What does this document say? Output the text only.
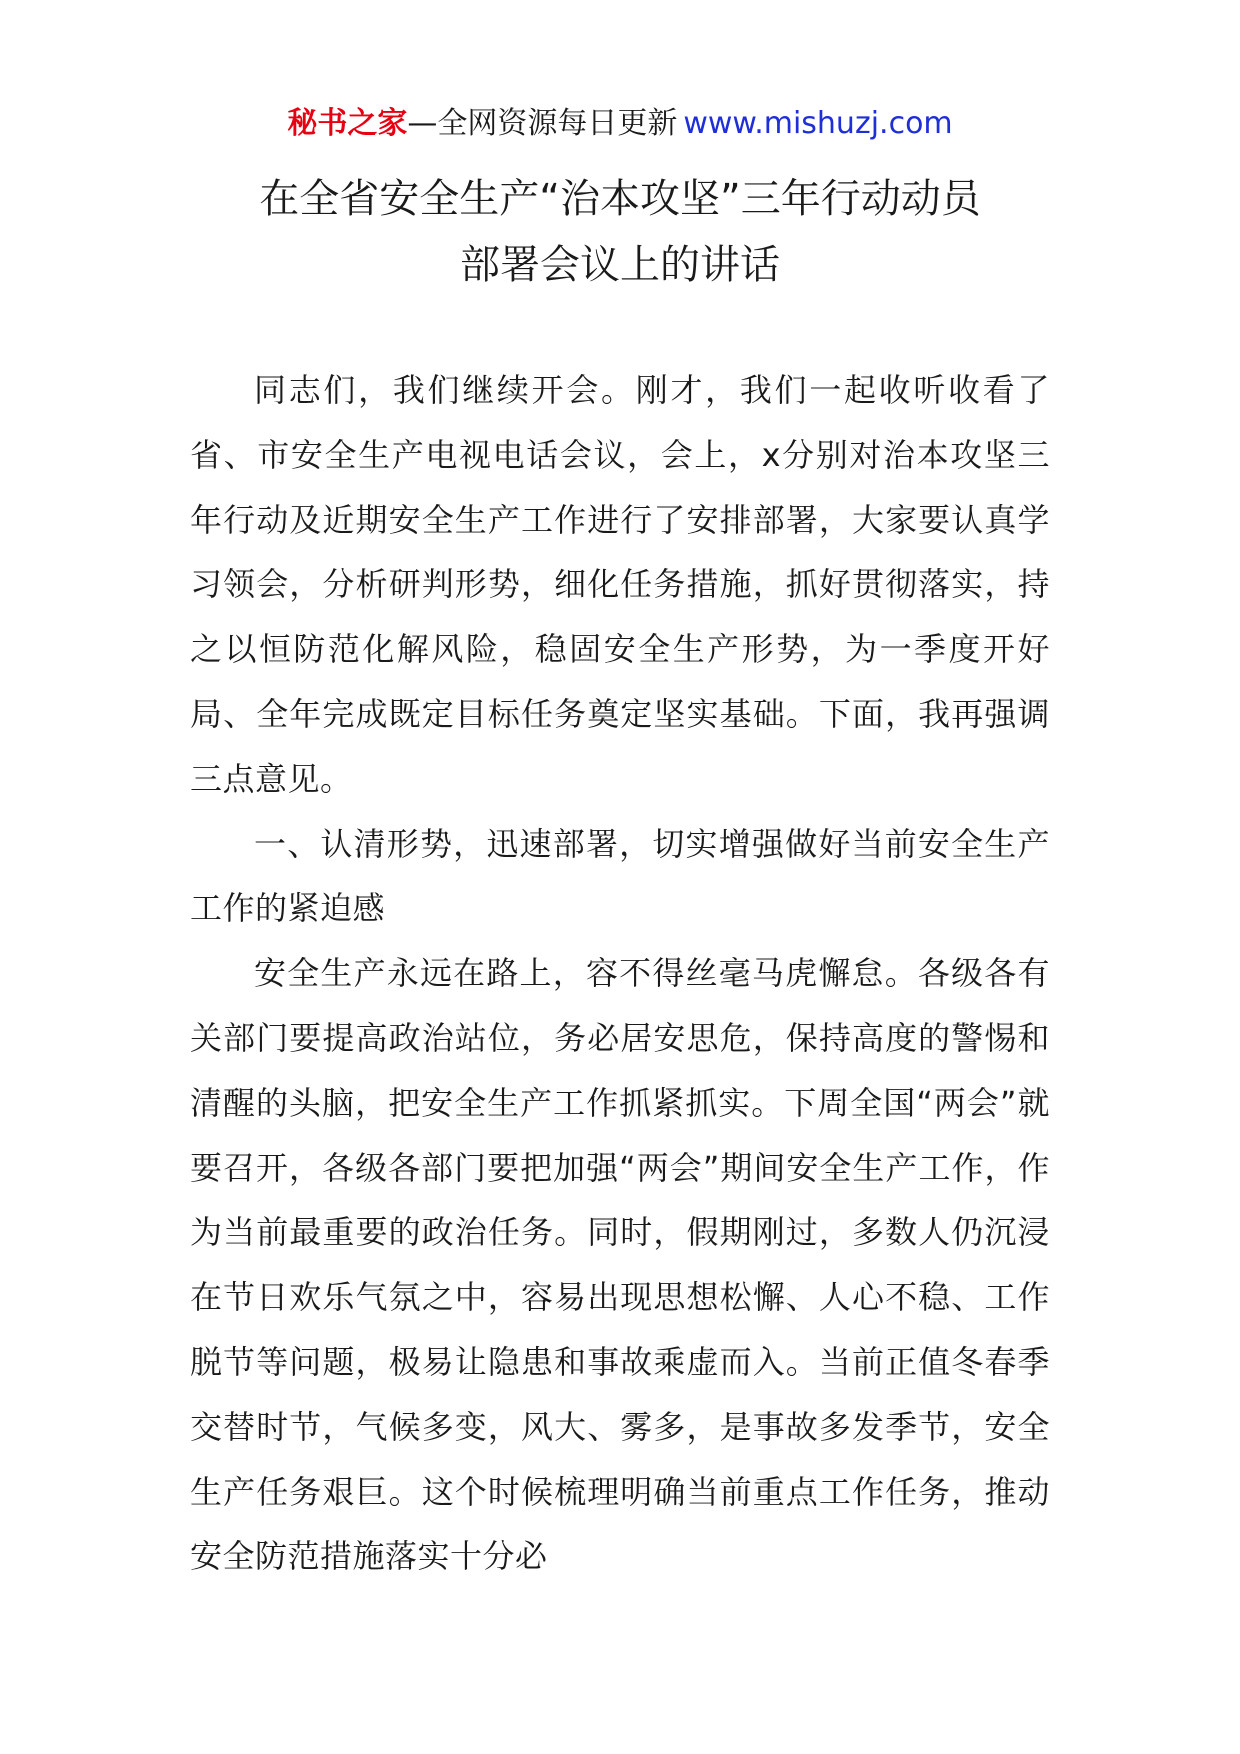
秘书之家—全网资源每日更新 www.mishuzj.com
在全省安全生产“治本攻坚”三年行动动员
部署会议上的讲话

同志们，我们继续开会。刚才，我们一起收听收看了省、市安全生产电视电话会议，会上，x分别对治本攻坚三年行动及近期安全生产工作进行了安排部署，大家要认真学习领会，分析研判形势，细化任务措施，抓好贯彻落实，持之以恒防范化解风险，稳固安全生产形势，为一季度开好局、全年完成既定目标任务奠定坚实基础。下面，我再强调三点意见。

一、认清形势，迅速部署，切实增强做好当前安全生产工作的紧迫感

安全生产永远在路上，容不得丝毫马虎懈怠。各级各有关部门要提高政治站位，务必居安思危，保持高度的警惕和清醒的头脑，把安全生产工作抓紧抓实。下周全国“两会”就要召开，各级各部门要把加强“两会”期间安全生产工作，作为当前最重要的政治任务。同时，假期刚过，多数人仍沉浸在节日欢乐气氛之中，容易出现思想松懈、人心不稳、工作脱节等问题，极易让隐患和事故乘虚而入。当前正值冬春季交替时节，气候多变，风大、雾多，是事故多发季节，安全生产任务艰巨。这个时候梳理明确当前重点工作任务，推动安全防范措施落实十分必
